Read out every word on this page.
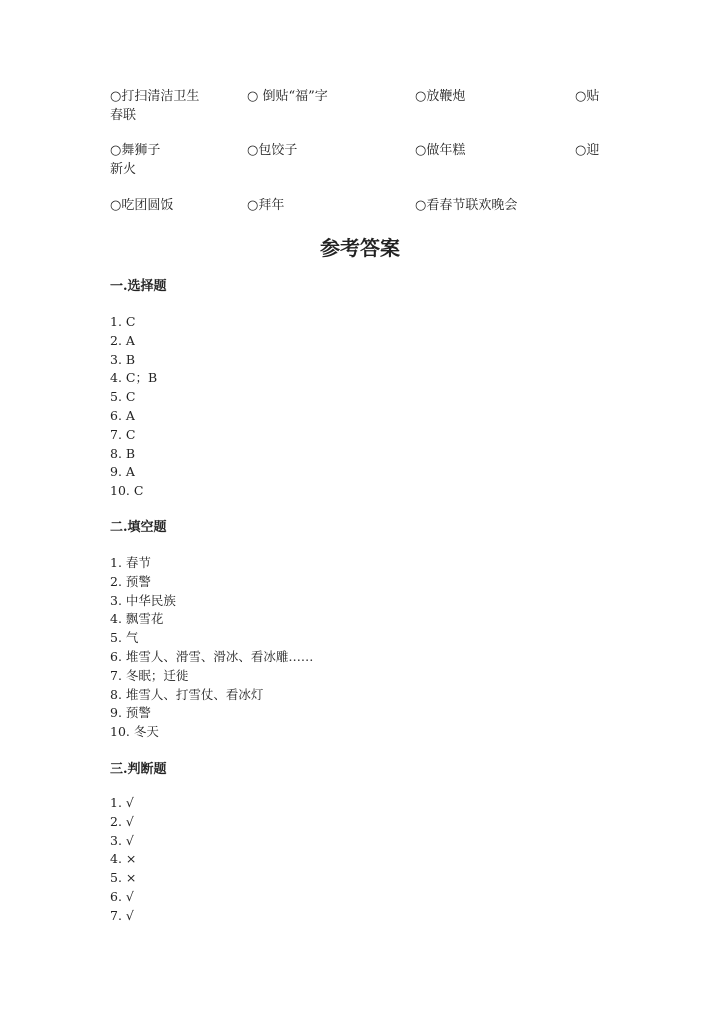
○打扫清洁卫生	○ 倒贴“福”字	○放鞭炮	○贴
春联
○舞狮子	○包饺子	○做年糕	○迎
新火
○吃团圆饭	○拜年	○看春节联欢晚会
参考答案
一.选择题
1. C
2. A
3. B
4. C；B
5. C
6. A
7. C
8. B
9. A
10. C
二.填空题
1. 春节
2. 预警
3. 中华民族
4. 飘雪花
5. 气
6. 堆雪人、滑雪、滑冰、看冰雕……
7. 冬眠；迁徙
8. 堆雪人、打雪仗、看冰灯
9. 预警
10. 冬天
三.判断题
1. √
2. √
3. √
4. ×
5. ×
6. √
7. √
